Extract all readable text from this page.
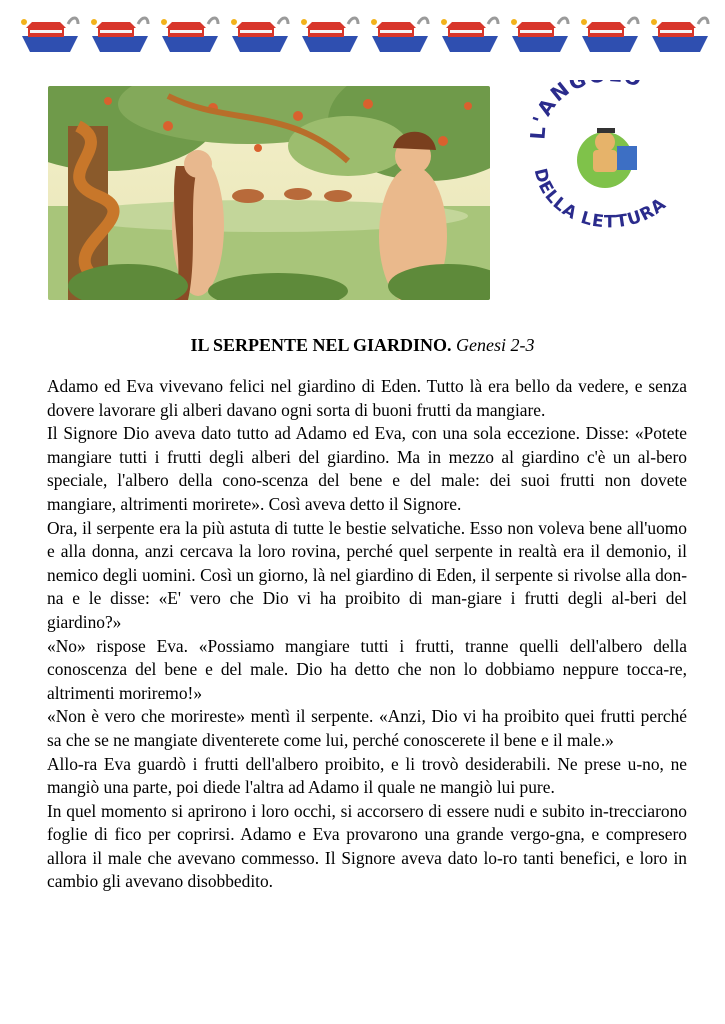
L'ANG
DELLA LETTURA
IL SERPENTE NEL GIARDINO. Genesi 2-3

Adamo ed Eva vivevano felici nel giardino di Eden. Tutto là era bello da vedere, e senza dovere lavorare gli alberi davano ogni sorta di buoni frutti da mangiare.

Il Signore Dio aveva dato tutto ad Adamo ed Eva, con una sola eccezione. Disse: «Potete mangiare tutti i frutti degli alberi del giardino. Ma in mezzo al giardino c'è un al-bero speciale, l'albero della cono-scenza del bene e del male: dei suoi frutti non dovete mangiare, altrimenti morirete». Così aveva detto il Signore.

Ora, il serpente era la più astuta di tutte le bestie selvatiche. Esso non voleva bene all'uomo e alla donna, anzi cercava la loro rovina, perché quel serpente in realtà era il demonio, il nemico degli uomini. Così un giorno, là nel giardino di Eden, il serpente si rivolse alla don-na e le disse: «E' vero che Dio vi ha proibito di man-giare i frutti degli al-beri del giardino?»

«No» rispose Eva. «Possiamo mangiare tutti i frutti, tranne quelli dell'albero della conoscenza del bene e del male. Dio ha detto che non lo dobbiamo neppure tocca-re, altrimenti moriremo!»

«Non è vero che morireste» mentì il serpente. «Anzi, Dio vi ha proibito quei frutti perché sa che se ne mangiate diventerete come lui, perché conoscerete il bene e il male.»

Allo-ra Eva guardò i frutti dell'albero proibito, e li trovò desiderabili. Ne prese u-no, ne mangiò una parte, poi diede l'altra ad Adamo il quale ne mangiò lui pure.

In quel momento si aprirono i loro occhi, si accorsero di essere nudi e subito in-trecciarono foglie di fico per coprirsi. Adamo e Eva provarono una grande vergo-gna, e compresero allora il male che avevano commesso. Il Signore aveva dato lo-ro tanti benefici, e loro in cambio gli avevano disobbedito.
